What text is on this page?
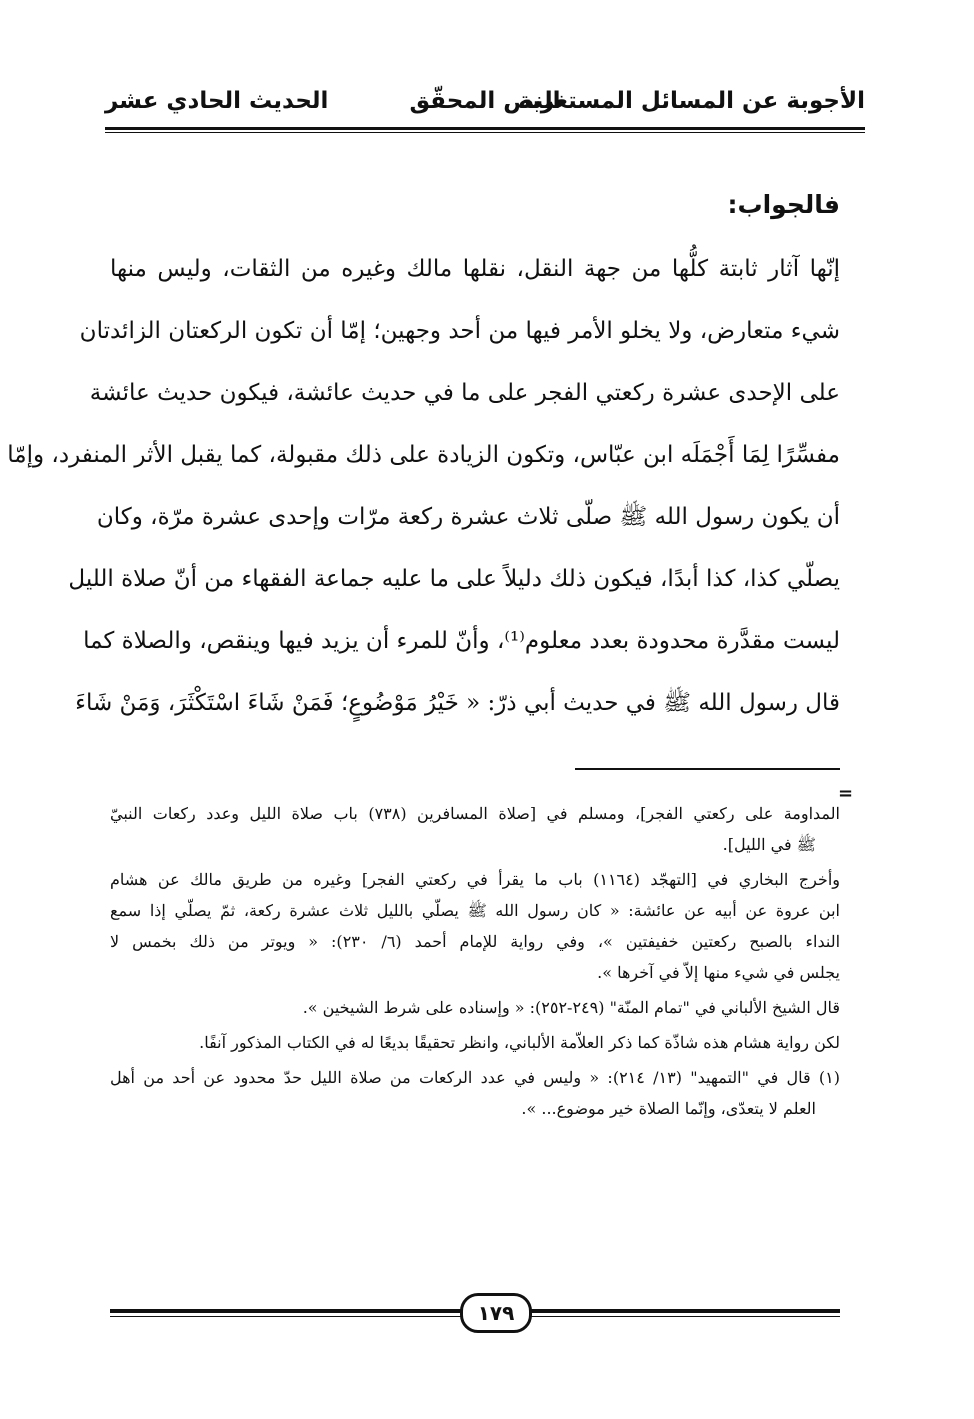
الأجوبة عن المسائل المستغربة
النص المحقّق
الحديث الحادي عشر
فالجواب:
إنّها آثار ثابتة كلُّها من جهة النقل، نقلها مالك وغيره من الثقات، وليس منها
شيء متعارض، ولا يخلو الأمر فيها من أحد وجهين؛ إمّا أن تكون الركعتان الزائدتان
على الإحدى عشرة ركعتي الفجر على ما في حديث عائشة، فيكون حديث عائشة
مفسِّرًا لِمَا أَجْمَلَه ابن عبّاس، وتكون الزيادة على ذلك مقبولة، كما يقبل الأثر المنفرد، وإمّا
أن يكون رسول الله ﷺ صلّى ثلاث عشرة ركعة مرّات وإحدى عشرة مرّة، وكان
يصلّي كذا، كذا أبدًا، فيكون ذلك دليلاً على ما عليه جماعة الفقهاء من أنّ صلاة الليل
ليست مقدَّرة محدودة بعدد معلوم⁽¹⁾، وأنّ للمرء أن يزيد فيها وينقص، والصلاة كما
قال رسول الله ﷺ في حديث أبي ذرّ: « خَيْرُ مَوْضُوعٍ؛ فَمَنْ شَاءَ اسْتَكْثَرَ، وَمَنْ شَاءَ
=
المداومة على ركعتي الفجر]، ومسلم في [صلاة المسافرين (٧٣٨) باب صلاة الليل وعدد ركعات النبيّ
ﷺ في الليل].
وأخرج البخاري في [التهجّد (١١٦٤) باب ما يقرأ في ركعتي الفجر] وغيره من طريق مالك عن هشام
ابن عروة عن أبيه عن عائشة: « كان رسول الله ﷺ يصلّي بالليل ثلاث عشرة ركعة، ثمّ يصلّي إذا سمع
النداء بالصبح ركعتين خفيفتين »، وفي رواية للإمام أحمد (٦/ ٢٣٠): « ويوتر من ذلك بخمس لا
يجلس في شيء منها إلاّ في آخرها ».
قال الشيخ الألباني في "تمام المنّة" (٢٤٩-٢٥٢): « وإسناده على شرط الشيخين ».
لكن رواية هشام هذه شاذّة كما ذكر العلاّمة الألباني، وانظر تحقيقًا بديعًا له في الكتاب المذكور آنفًا.
(١) قال في "التمهيد" (١٣/ ٢١٤): « وليس في عدد الركعات من صلاة الليل حدّ محدود عن أحد من أهل
العلم لا يتعدّى، وإنّما الصلاة خير موضوع... ».
١٧٩
